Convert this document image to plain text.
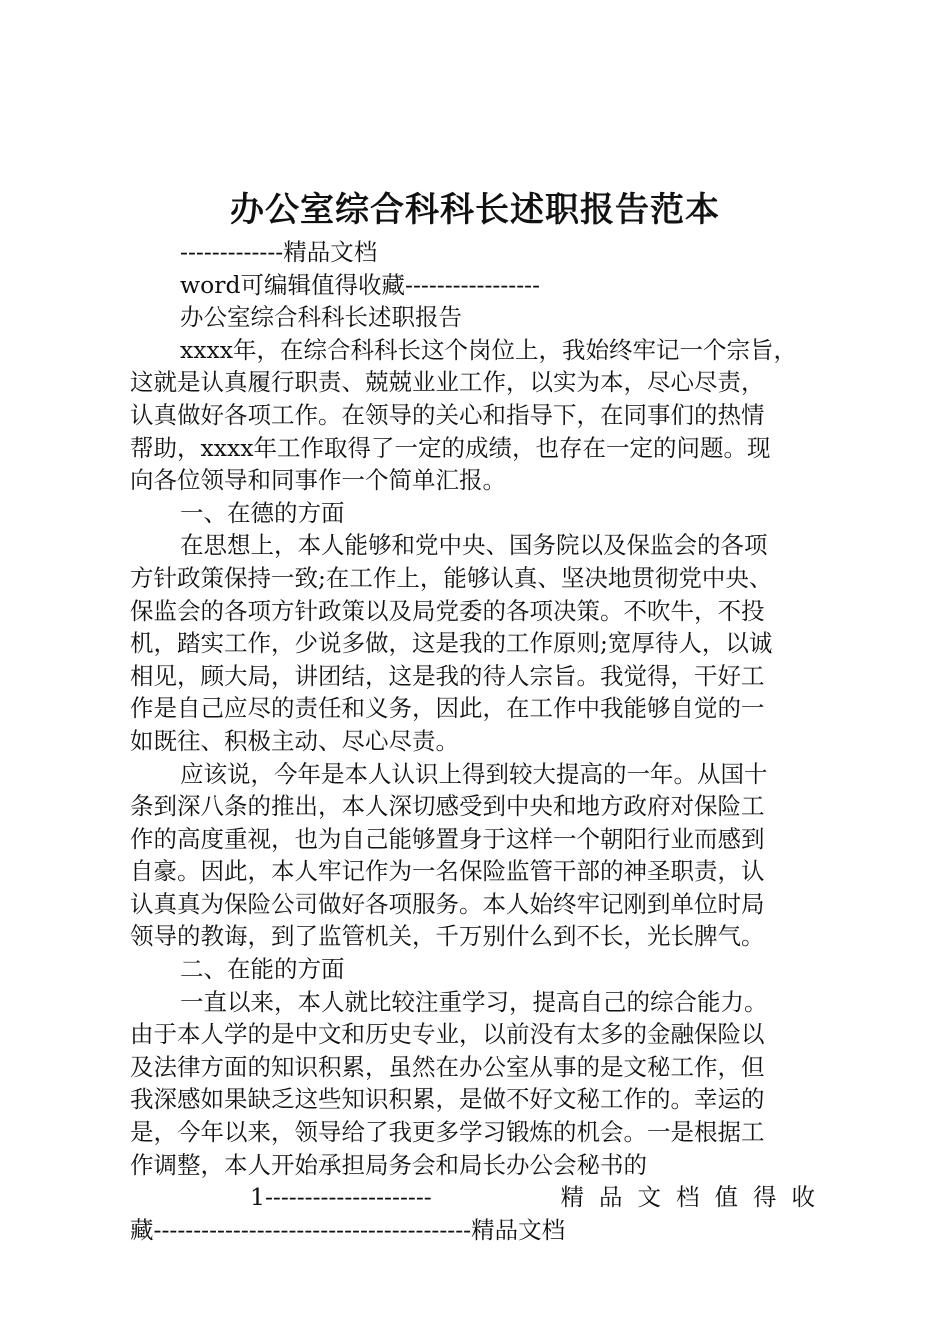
办公室综合科科长述职报告范本
-------------精品文档
word可编辑值得收藏-----------------
办公室综合科科长述职报告
xxxx年，在综合科科长这个岗位上，我始终牢记一个宗旨，
这就是认真履行职责、兢兢业业工作，以实为本，尽心尽责，
认真做好各项工作。在领导的关心和指导下，在同事们的热情
帮助，xxxx年工作取得了一定的成绩，也存在一定的问题。现
向各位领导和同事作一个简单汇报。
一、在德的方面
在思想上，本人能够和党中央、国务院以及保监会的各项
方针政策保持一致;在工作上，能够认真、坚决地贯彻党中央、
保监会的各项方针政策以及局党委的各项决策。不吹牛，不投
机，踏实工作，少说多做，这是我的工作原则;宽厚待人，以诚
相见，顾大局，讲团结，这是我的待人宗旨。我觉得，干好工
作是自己应尽的责任和义务，因此，在工作中我能够自觉的一
如既往、积极主动、尽心尽责。
应该说，今年是本人认识上得到较大提高的一年。从国十
条到深八条的推出，本人深切感受到中央和地方政府对保险工
作的高度重视，也为自己能够置身于这样一个朝阳行业而感到
自豪。因此，本人牢记作为一名保险监管干部的神圣职责，认
认真真为保险公司做好各项服务。本人始终牢记刚到单位时局
领导的教诲，到了监管机关，千万别什么到不长，光长脾气。
二、在能的方面
一直以来，本人就比较注重学习，提高自己的综合能力。
由于本人学的是中文和历史专业，以前没有太多的金融保险以
及法律方面的知识积累，虽然在办公室从事的是文秘工作，但
我深感如果缺乏这些知识积累，是做不好文秘工作的。幸运的
是，今年以来，领导给了我更多学习锻炼的机会。一是根据工
作调整，本人开始承担局务会和局长办公会秘书的
1---------------------	精品文档值得收
藏----------------------------------------精品文档
